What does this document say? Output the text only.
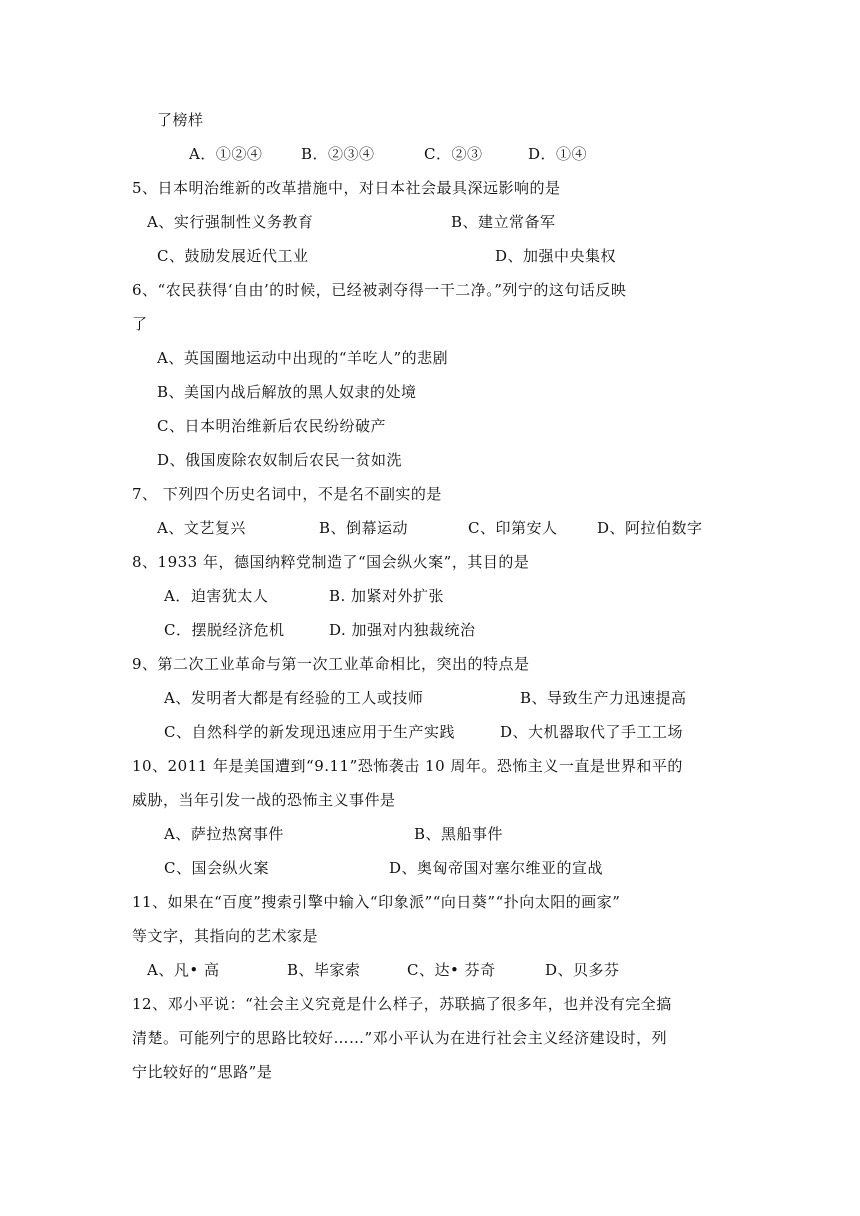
了榜样
A．①②④	B．②③④	C．②③	D．①④
5、日本明治维新的改革措施中，对日本社会最具深远影响的是
A、实行强制性义务教育	B、建立常备军
C、鼓励发展近代工业	D、加强中央集权
6、“农民获得‘自由’的时候，已经被剥夺得一干二净。”列宁的这句话反映
了
A、英国圈地运动中出现的“羊吃人”的悲剧
B、美国内战后解放的黑人奴隶的处境
C、日本明治维新后农民纷纷破产
D、俄国废除农奴制后农民一贫如洗
7、 下列四个历史名词中，不是名不副实的是
A、文艺复兴	B、倒幕运动	C、印第安人	D、阿拉伯数字
8、1933 年，德国纳粹党制造了“国会纵火案”，其目的是
A．迫害犹太人	B. 加紧对外扩张
C．摆脱经济危机	D. 加强对内独裁统治
9、第二次工业革命与第一次工业革命相比，突出的特点是
A、发明者大都是有经验的工人或技师	B、导致生产力迅速提高
C、自然科学的新发现迅速应用于生产实践	D、大机器取代了手工工场
10、2011 年是美国遭到“9.11”恐怖袭击 10 周年。恐怖主义一直是世界和平的
威胁，当年引发一战的恐怖主义事件是
A、萨拉热窝事件	B、黑船事件
C、国会纵火案	D、奥匈帝国对塞尔维亚的宣战
11、如果在“百度”搜索引擎中输入“印象派”“向日葵”“扑向太阳的画家”
等文字，其指向的艺术家是
A、凡• 高	B、毕家索	C、达• 芬奇	D、贝多芬
12、邓小平说：“社会主义究竟是什么样子，苏联搞了很多年，也并没有完全搞
清楚。可能列宁的思路比较好……”邓小平认为在进行社会主义经济建设时，列
宁比较好的“思路”是
